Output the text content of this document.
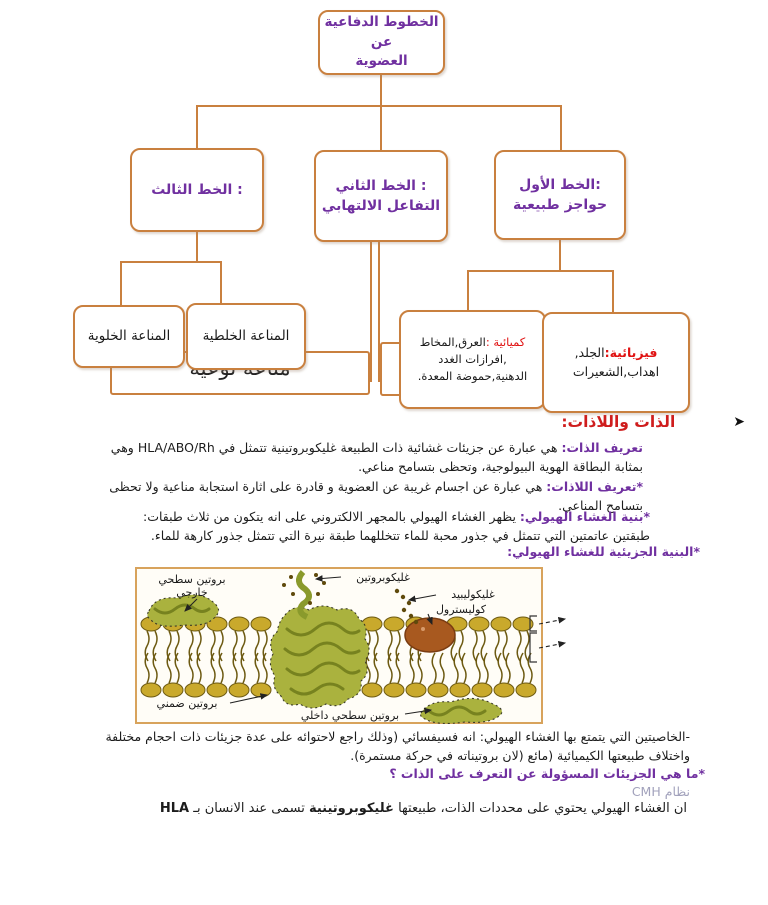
الخطوط الدفاعية عن
العضوية
الخط الثالث :	الخط الثاني :
التفاعل الالتهابي
الخط الأول:
حواجز طبيعية
المناعة الخلوية المناعة الخلطية	كميائية :العرق,المخاط ,افرازات الغدد الدهنية,حموضة المعدة.
فيزيائية:الجلد, اهداب,الشعيرات
➤
الذات واللاذات:
تعريف الذات: هي عبارة عن جزيئات غشائية ذات الطبيعة غليكوبروتينية تتمثل في HLA/ABO/Rh وهي بمثابة البطاقة الهوية البيولوجية، وتحظى بتسامح مناعي.
*تعريف اللاذات: هي عبارة عن اجسام غريبة عن العضوية و قادرة على اثارة استجابة مناعية ولا تحظى بتسامح المناعي.
*بنية الغشاء الهيولي: يظهر الغشاء الهيولي بالمجهر الالكتروني على انه يتكون من ثلاث طبقات: طبقتين عاتمتين التي تتمثل في جذور محبة للماء تتخللهما طبقة نيرة التي تتمثل جذور كارهة للماء.
*البنية الجزيئية للغشاء الهيولي:
بروتين سطحي
خارجي
غليكوبروتين
غليكوليبيد
كوليسترول
بروتين ضمني
بروتين سطحي داخلي
-الخاصيتين التي يتمتع بها الغشاء الهيولي: انه فسيفسائي (وذلك راجع لاحتوائه على عدة جزيئات ذات احجام مختلفة واختلاف طبيعتها الكيميائية (مائع (لان بروتيناته في حركة مستمرة).
*ما هي الجزيئات المسؤولة عن التعرف على الذات ؟
نظام CMH
ان الغشاء الهيولي يحتوي على محددات الذات، طبيعتها غليكوبروتينية تسمى عند الانسان بـ HLA
